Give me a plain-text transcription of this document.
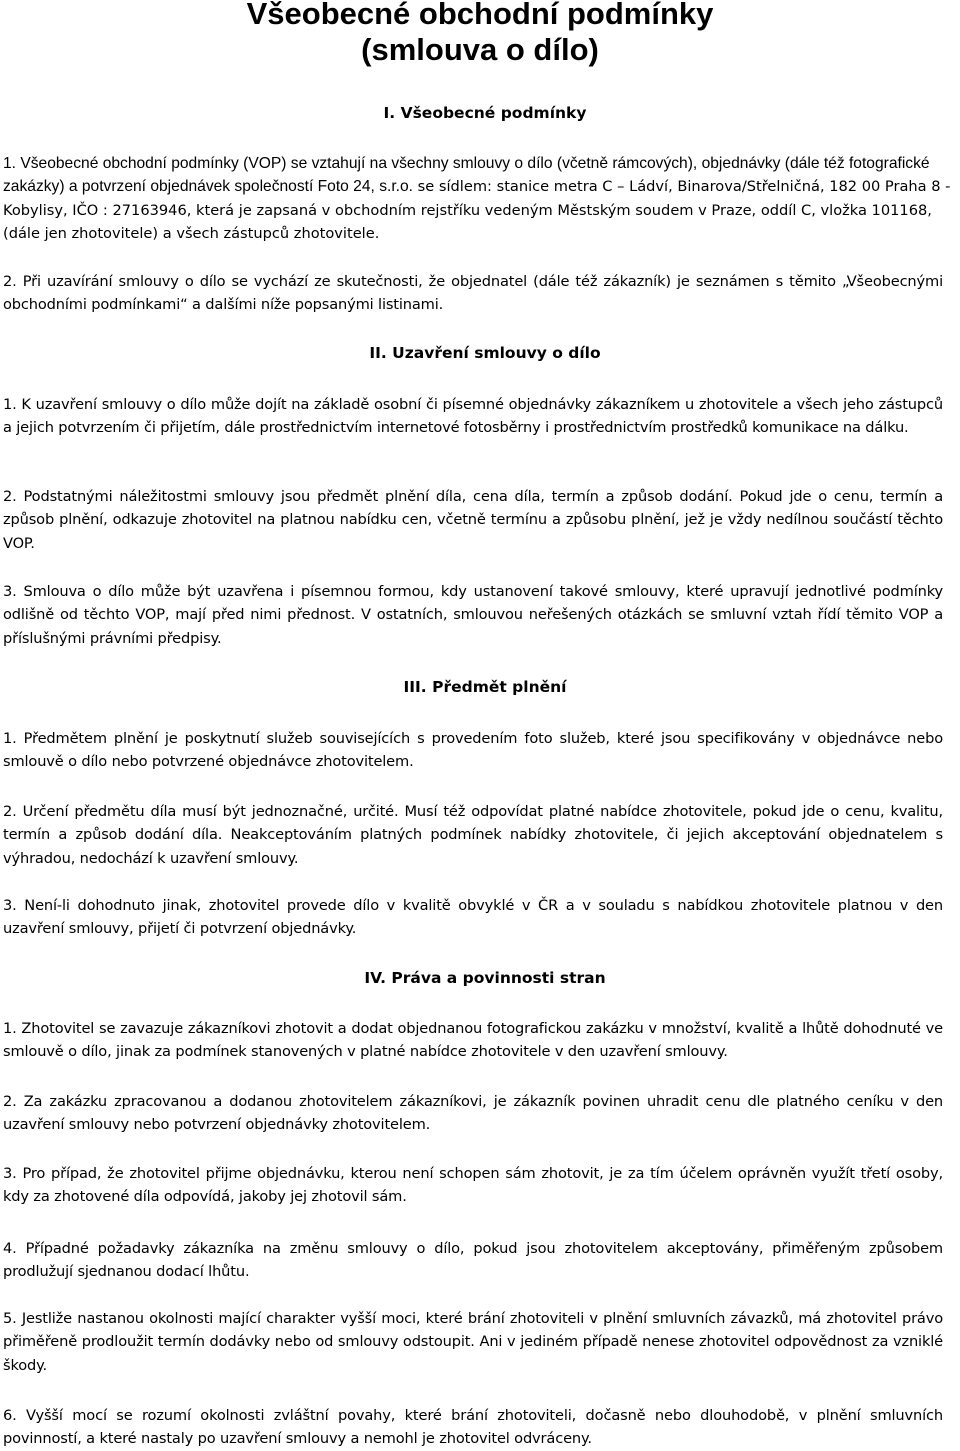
Všeobecné obchodní podmínky
(smlouva o dílo)
I. Všeobecné podmínky

1. Všeobecné obchodní podmínky (VOP) se vztahují na všechny smlouvy o dílo (včetně rámcových), objednávky (dále též fotografické zakázky) a potvrzení objednávek společností Foto 24, s.r.o. se sídlem: stanice metra C – Ládví, Binarova/Střelničná, 182 00 Praha 8 - Kobylisy, IČO : 27163946, která je zapsaná v obchodním rejstříku vedeným Městským soudem v Praze, oddíl C, vložka 101168, (dále jen zhotovitele) a všech zástupců zhotovitele.

2. Při uzavírání smlouvy o dílo se vychází ze skutečnosti, že objednatel (dále též zákazník) je seznámen s těmito „Všeobecnými obchodními podmínkami“ a dalšími níže popsanými listinami.

II. Uzavření smlouvy o dílo

1. K uzavření smlouvy o dílo může dojít na základě osobní či písemné objednávky zákazníkem u zhotovitele a všech jeho zástupců a jejich potvrzením či přijetím, dále prostřednictvím internetové fotosběrny i prostřednictvím prostředků komunikace na dálku.

2. Podstatnými náležitostmi smlouvy jsou předmět plnění díla, cena díla, termín a způsob dodání. Pokud jde o cenu, termín a způsob plnění, odkazuje zhotovitel na platnou nabídku cen, včetně termínu a způsobu plnění, jež je vždy nedílnou součástí těchto VOP.

3. Smlouva o dílo může být uzavřena i písemnou formou, kdy ustanovení takové smlouvy, které upravují jednotlivé podmínky odlišně od těchto VOP, mají před nimi přednost. V ostatních, smlouvou neřešených otázkách se smluvní vztah řídí těmito VOP a příslušnými právními předpisy.

III. Předmět plnění

1. Předmětem plnění je poskytnutí služeb souvisejících s provedením foto služeb, které jsou specifikovány v objednávce nebo smlouvě o dílo nebo potvrzené objednávce zhotovitelem.

2. Určení předmětu díla musí být jednoznačné, určité. Musí též odpovídat platné nabídce zhotovitele, pokud jde o cenu, kvalitu, termín a způsob dodání díla. Neakceptováním platných podmínek nabídky zhotovitele, či jejich akceptování objednatelem s výhradou, nedochází k uzavření smlouvy.

3. Není-li dohodnuto jinak, zhotovitel provede dílo v kvalitě obvyklé v ČR a v souladu s nabídkou zhotovitele platnou v den uzavření smlouvy, přijetí či potvrzení objednávky.

IV. Práva a povinnosti stran

1. Zhotovitel se zavazuje zákazníkovi zhotovit a dodat objednanou fotografickou zakázku v množství, kvalitě a lhůtě dohodnuté ve smlouvě o dílo, jinak za podmínek stanovených v platné nabídce zhotovitele v den uzavření smlouvy.

2. Za zakázku zpracovanou a dodanou zhotovitelem zákazníkovi, je zákazník povinen uhradit cenu dle platného ceníku v den uzavření smlouvy nebo potvrzení objednávky zhotovitelem.

3. Pro případ, že zhotovitel přijme objednávku, kterou není schopen sám zhotovit, je za tím účelem oprávněn využít třetí osoby, kdy za zhotovené díla odpovídá, jakoby jej zhotovil sám.

4. Případné požadavky zákazníka na změnu smlouvy o dílo, pokud jsou zhotovitelem akceptovány, přiměřeným způsobem prodlužují sjednanou dodací lhůtu.

5. Jestliže nastanou okolnosti mající charakter vyšší moci, které brání zhotoviteli v plnění smluvních závazků, má zhotovitel právo přiměřeně prodloužit termín dodávky nebo od smlouvy odstoupit. Ani v jediném případě nenese zhotovitel odpovědnost za vzniklé škody.

6. Vyšší mocí se rozumí okolnosti zvláštní povahy, které brání zhotoviteli, dočasně nebo dlouhodobě, v plnění smluvních povinností, a které nastaly po uzavření smlouvy a nemohl je zhotovitel odvráceny.
